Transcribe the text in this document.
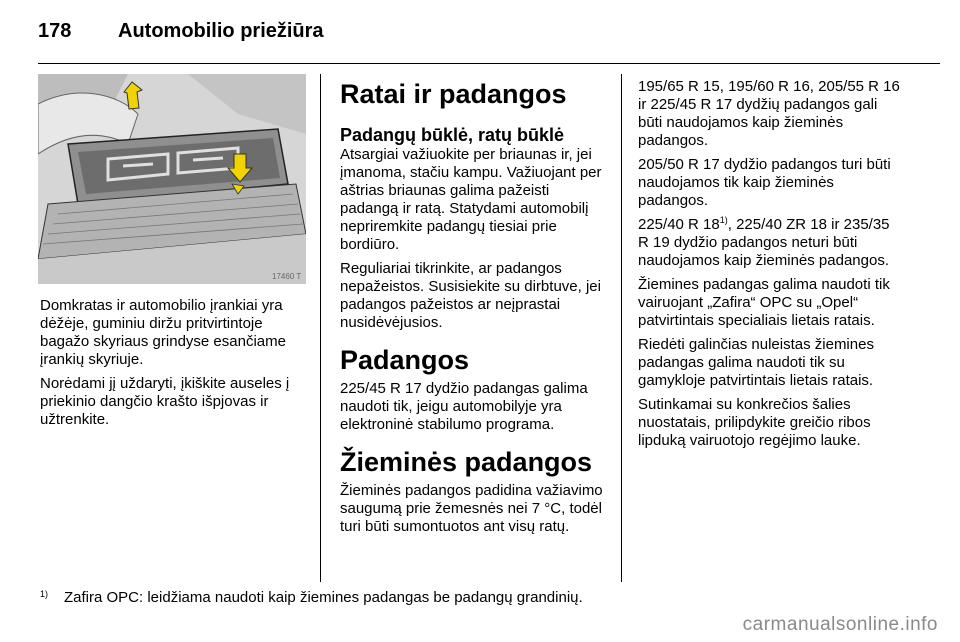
178 Automobilio priežiūra
17460 T

Domkratas ir automobilio įrankiai yra dėžėje, guminiu diržu pritvirtintoje bagažo skyriaus grindyse esančiame įrankių skyriuje.

Norėdami jį uždaryti, įkiškite auseles į priekinio dangčio krašto išpjovas ir užtrenkite.

Ratai ir padangos
Padangų būklė, ratų būklė

Atsargiai važiuokite per briaunas ir, jei įmanoma, stačiu kampu. Važiuojant per aštrias briaunas galima pažeisti padangą ir ratą. Statydami automobilį nepriremkite padangų tiesiai prie bordiūro.

Reguliariai tikrinkite, ar padangos nepažeistos. Susisiekite su dirbtuve, jei padangos pažeistos ar neįprastai nusidėvėjusios.

Padangos

225/45 R 17 dydžio padangas galima naudoti tik, jeigu automobilyje yra elektroninė stabilumo programa.

Žieminės padangos

Žieminės padangos padidina važiavimo saugumą prie žemesnės nei 7 °C, todėl turi būti sumontuotos ant visų ratų.

195/65 R 15, 195/60 R 16, 205/55 R 16 ir 225/45 R 17 dydžių padangos gali būti naudojamos kaip žieminės padangos.

205/50 R 17 dydžio padangos turi būti naudojamos tik kaip žieminės padangos.

225/40 R 18$^{1)}$, 225/40 ZR 18 ir 235/35 R 19 dydžio padangos neturi būti naudojamos kaip žieminės padangos.

Žiemines padangas galima naudoti tik vairuojant „Zafira“ OPC su „Opel“ patvirtintais specialiais lietais ratais.

Riedėti galinčias nuleistas žiemines padangas galima naudoti tik su gamykloje patvirtintais lietais ratais.

Sutinkamai su konkrečios šalies nuostatais, prilipdykite greičio ribos lipduką vairuotojo regėjimo lauke.

1) Zafira OPC: leidžiama naudoti kaip žiemines padangas be padangų grandinių.
carmanualsonline.info
